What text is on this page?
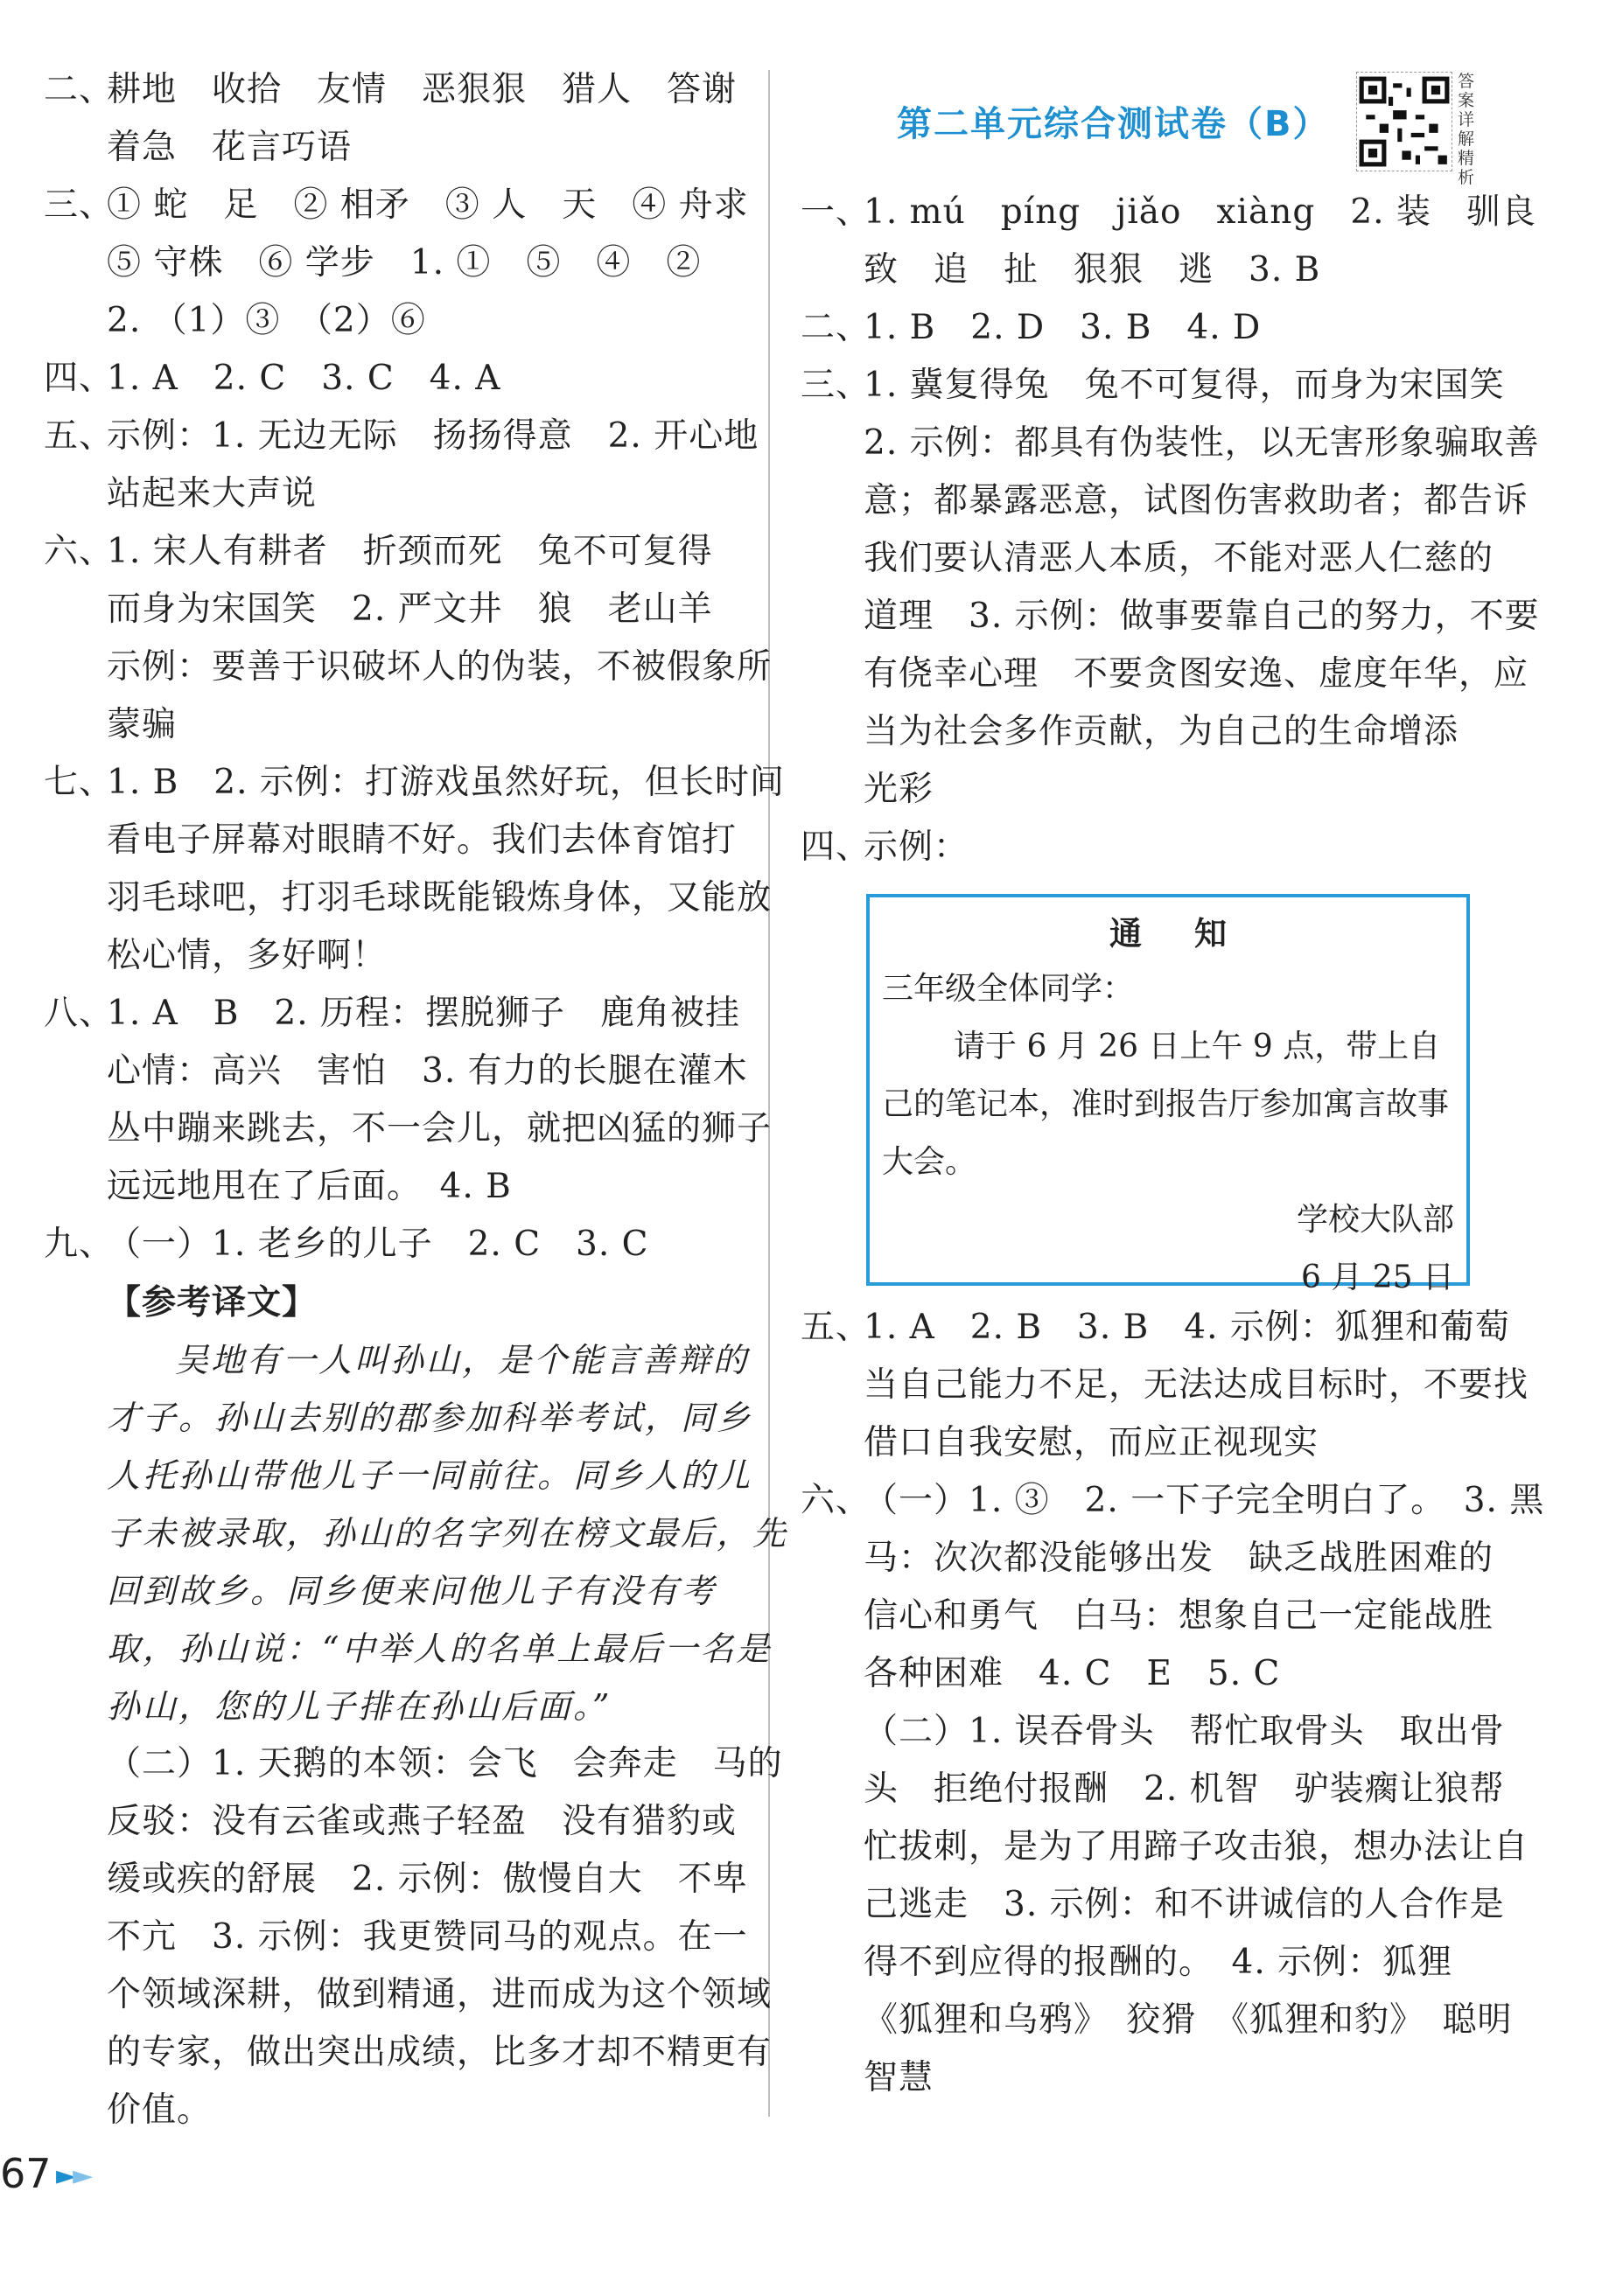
二、耕地　收拾　友情　恶狠狠　猎人　答谢
着急　花言巧语
三、① 蛇　足　② 相矛　③ 人　天　④ 舟求
⑤ 守株　⑥ 学步　1. ①　⑤　④　②
2. （1）③　（2）⑥
四、1. A　2. C　3. C　4. A
五、示例：1. 无边无际　扬扬得意　2. 开心地
站起来大声说
六、1. 宋人有耕者　折颈而死　兔不可复得
而身为宋国笑　2. 严文井　狼　老山羊
示例：要善于识破坏人的伪装，不被假象所
蒙骗
七、1. B　2. 示例：打游戏虽然好玩，但长时间
看电子屏幕对眼睛不好。我们去体育馆打
羽毛球吧，打羽毛球既能锻炼身体，又能放
松心情，多好啊！
八、1. A　B　2. 历程：摆脱狮子　鹿角被挂
心情：高兴　害怕　3. 有力的长腿在灌木
丛中蹦来跳去，不一会儿，就把凶猛的狮子
远远地甩在了后面。　4. B
九、（一）1. 老乡的儿子　2. C　3. C
【参考译文】
吴地有一人叫孙山，是个能言善辩的
才子。孙山去别的郡参加科举考试，同乡
人托孙山带他儿子一同前往。同乡人的儿
子未被录取，孙山的名字列在榜文最后，先
回到故乡。同乡便来问他儿子有没有考
取，孙山说：“中举人的名单上最后一名是
孙山，您的儿子排在孙山后面。”
（二）1. 天鹅的本领：会飞　会奔走　马的
反驳：没有云雀或燕子轻盈　没有猎豹或
缓或疾的舒展　2. 示例：傲慢自大　不卑
不亢　3. 示例：我更赞同马的观点。在一
个领域深耕，做到精通，进而成为这个领域
的专家，做出突出成绩，比多才却不精更有
价值。
第二单元综合测试卷（B）
答案详解精析
一、1. mú　píng　jiǎo　xiàng　2. 装　驯良
致　追　扯　狠狠　逃　3. B
二、1. B　2. D　3. B　4. D
三、1. 冀复得兔　兔不可复得，而身为宋国笑
2. 示例：都具有伪装性，以无害形象骗取善
意；都暴露恶意，试图伤害救助者；都告诉
我们要认清恶人本质，不能对恶人仁慈的
道理　3. 示例：做事要靠自己的努力，不要
有侥幸心理　不要贪图安逸、虚度年华，应
当为社会多作贡献，为自己的生命增添
光彩
四、示例：
通知
三年级全体同学：
请于 6 月 26 日上午 9 点，带上自己的笔记本，准时到报告厅参加寓言故事大会。
学校大队部
6 月 25 日
五、1. A　2. B　3. B　4. 示例：狐狸和葡萄
当自己能力不足，无法达成目标时，不要找
借口自我安慰，而应正视现实
六、（一）1. ③　2. 一下子完全明白了。　3. 黑
马：次次都没能够出发　缺乏战胜困难的
信心和勇气　白马：想象自己一定能战胜
各种困难　4. C　E　5. C
（二）1. 误吞骨头　帮忙取骨头　取出骨
头　拒绝付报酬　2. 机智　驴装瘸让狼帮
忙拔刺，是为了用蹄子攻击狼，想办法让自
己逃走　3. 示例：和不讲诚信的人合作是
得不到应得的报酬的。　4. 示例：狐狸
《狐狸和乌鸦》　狡猾　《狐狸和豹》　聪明
智慧
67 ►►
